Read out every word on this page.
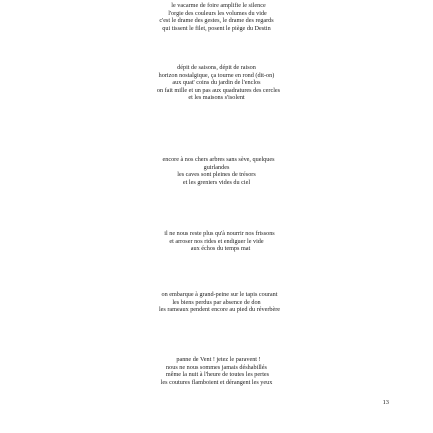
le vacarme de foire amplifie le silence
l'orgie des couleurs les volumes du vide
c'est le drame des gestes, le drame des regards
qui tissent le filet, posent le piège du Destin
dépit de saisons, dépit de raison
horizon nostalgique, ça tourne en rond (dit-on)
aux quat' coins du jardin de l'enclos
on fait mille et un pas aux quadratures des cercles
et les maisons s'isolent
encore à nos chers arbres sans sève, quelques
guirlandes
les caves sont pleines de trésors
et les greniers vides du ciel
il ne nous reste plus qu'à nourrir nos frissons
et arroser nos rides et endiguer le vide
aux échos du temps mat
on embarque à grand-peine sur le tapis courant
les biens perdus par absence de don
les rameaux pendent encore au pied du réverbère
panne de Vent ! jetez le paravent !
nous ne nous sommes jamais déshabillés
même la nuit à l'heure de toutes les pertes
les coutures flamboient et dérangent les yeux
13
